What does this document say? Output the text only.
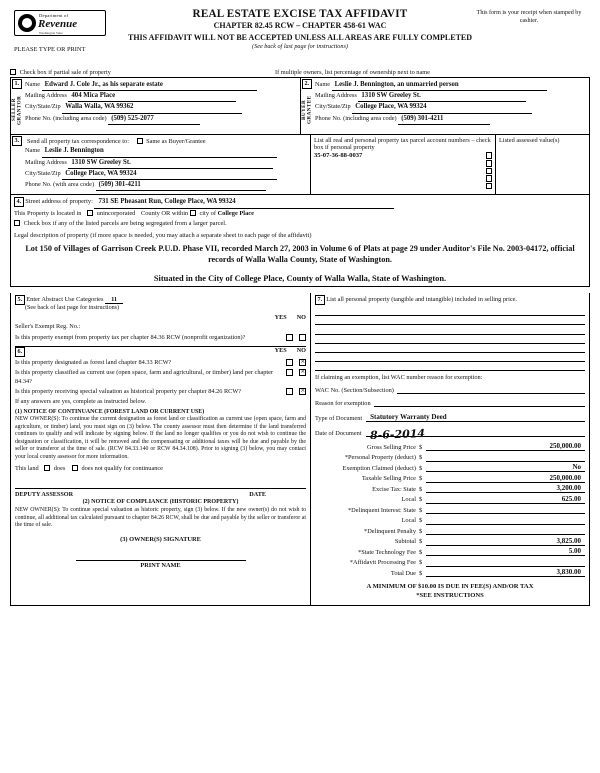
Department of
Revenue
Washington State
This form is your receipt when stamped by cashier.
REAL ESTATE EXCISE TAX AFFIDAVIT
CHAPTER 82.45 RCW – CHAPTER 458-61 WAC
THIS AFFIDAVIT WILL NOT BE ACCEPTED UNLESS ALL AREAS ARE FULLY COMPLETED
(See back of last page for instructions)
PLEASE TYPE OR PRINT
Check box if partial sale of property	If multiple owners, list percentage of ownership next to name
1.
SELLER GRANTOR
Name Edward J. Cole Jr., as his separate estate
Mailing Address 404 Mica Place
City/State/Zip Walla Walla, WA 99362
Phone No. (including area code) (509) 525-2077
2.
BUYER GRANTEE
Name Leslie J. Bennington, an unmarried person
Mailing Address 1310 SW Greeley St.
City/State/Zip College Place, WA 99324
Phone No. (including area code) (509) 301-4211
3.	Send all property tax correspondence to:	Same as Buyer/Grantee
Name Leslie J. Bennington
Mailing Address 1310 SW Greeley St.
City/State/Zip College Place, WA 99324
Phone No. (with area code) (509) 301-4211
List all real and personal property tax parcel account numbers – check box if personal property
35-07-36-88-0037
Listed assessed value(s)
4. Street address of property: 731 SE Pheasant Run, College Place, WA 99324
This Property is located in unincorporated County OR within city of College Place
Check box if any of the listed parcels are being segregated from a larger parcel.
Legal description of property (if more space is needed, you may attach a separate sheet to each page of the affidavit)
Lot 150 of Villages of Garrison Creek P.U.D. Phase VII, recorded March 27, 2003 in Volume 6 of Plats at page 29 under Auditor's File No. 2003-04172, official records of Walla Walla County, State of Washington.
Situated in the City of College Place, County of Walla Walla, State of Washington.
5. Enter Abstract Use Categories 11
(See back of last page for instructions)
YES NO
Seller's Exempt Reg. No.:
Is this property exempt from property tax per chapter 84.36 RCW (nonprofit organization)?
6.	YES NO
Is this property designated as forest land chapter 84.33 RCW?
×
Is this property classified as current use (open space, farm and agricultural, or timber) land per chapter 84.34?
×
Is this property receiving special valuation as historical property per chapter 84.26 RCW?
×
If any answers are yes, complete as instructed below.
(1) NOTICE OF CONTINUANCE (FOREST LAND OR CURRENT USE)
NEW OWNER(S): To continue the current designation as forest land or classification as current use (open space, farm and agriculture, or timber) land, you must sign on (3) below. The county assessor must then determine if the land transferred continues to qualify and will indicate by signing below. If the land no longer qualifies or you do not wish to continue the designation or classification, it will be removed and the compensating or additional taxes will be due and payable by the seller or transferor at the time of sale. (RCW 84.33.140 or RCW 84.34.108). Prior to signing (3) below, you may contact your local county assessor for more information.
This land does	does not qualify for continuance
DEPUTY ASSESSOR	DATE
(2) NOTICE OF COMPLIANCE (HISTORIC PROPERTY)
NEW OWNER(S): To continue special valuation as historic property, sign (3) below. If the new owner(s) do not wish to continue, all additional tax calculated pursuant to chapter 84.26 RCW, shall be due and payable by the seller or transferor at the time of sale.
(3) OWNER(S) SIGNATURE
PRINT NAME
7. List all personal property (tangible and intangible) included in selling price.
If claiming an exemption, list WAC number reason for exemption:
WAC No. (Section/Subsection)
Reason for exemption
Type of Document	Statutory Warranty Deed
Date of Document 8-6-2014
Gross Selling Price $	250,000.00
*Personal Property (deduct) $
Exemption Claimed (deduct) $	No
Taxable Selling Price $	250,000.00
Excise Tax: State $	3,200.00
Local $	625.00
*Delinquent Interest: State $
Local $
*Delinquent Penalty $
Subtotal $	3,825.00
*State Technology Fee $	5.00
*Affidavit Processing Fee $
Total Due $	3,830.00
A MINIMUM OF $10.00 IS DUE IN FEE(S) AND/OR TAX
*SEE INSTRUCTIONS
